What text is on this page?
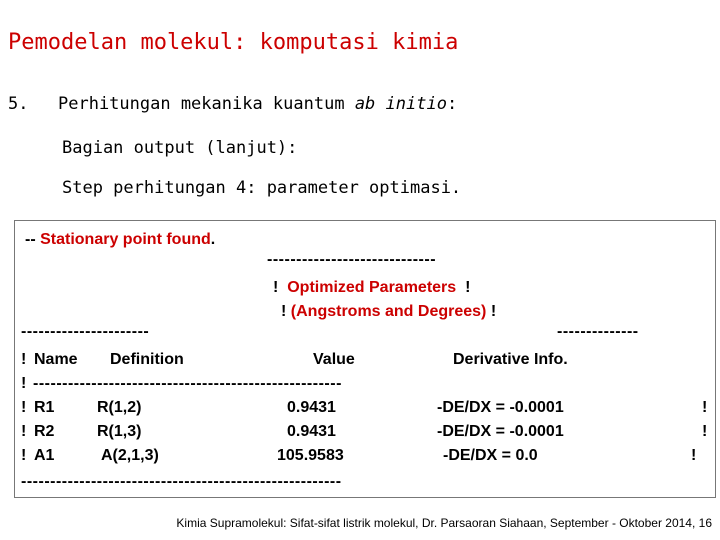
Pemodelan molekul: komputasi kimia
5. Perhitungan mekanika kuantum ab initio:
Bagian output (lanjut):
Step perhitungan 4: parameter optimasi.
-- Stationary point found.
-----------------------------
! Optimized Parameters !
! (Angstroms and Degrees) !
----------------------	--------------
! Name Definition	Value	Derivative Info.
! -----------------------------------------------------
! R1	R(1,2)	0.9431	-DE/DX = -0.0001	!
! R2	R(1,3)	0.9431	-DE/DX = -0.0001	!
! A1	A(2,1,3)	105.9583	-DE/DX = 0.0	!
-------------------------------------------------------
Kimia Supramolekul: Sifat-sifat listrik molekul, Dr. Parsaoran Siahaan, September - Oktober 2014, 16
